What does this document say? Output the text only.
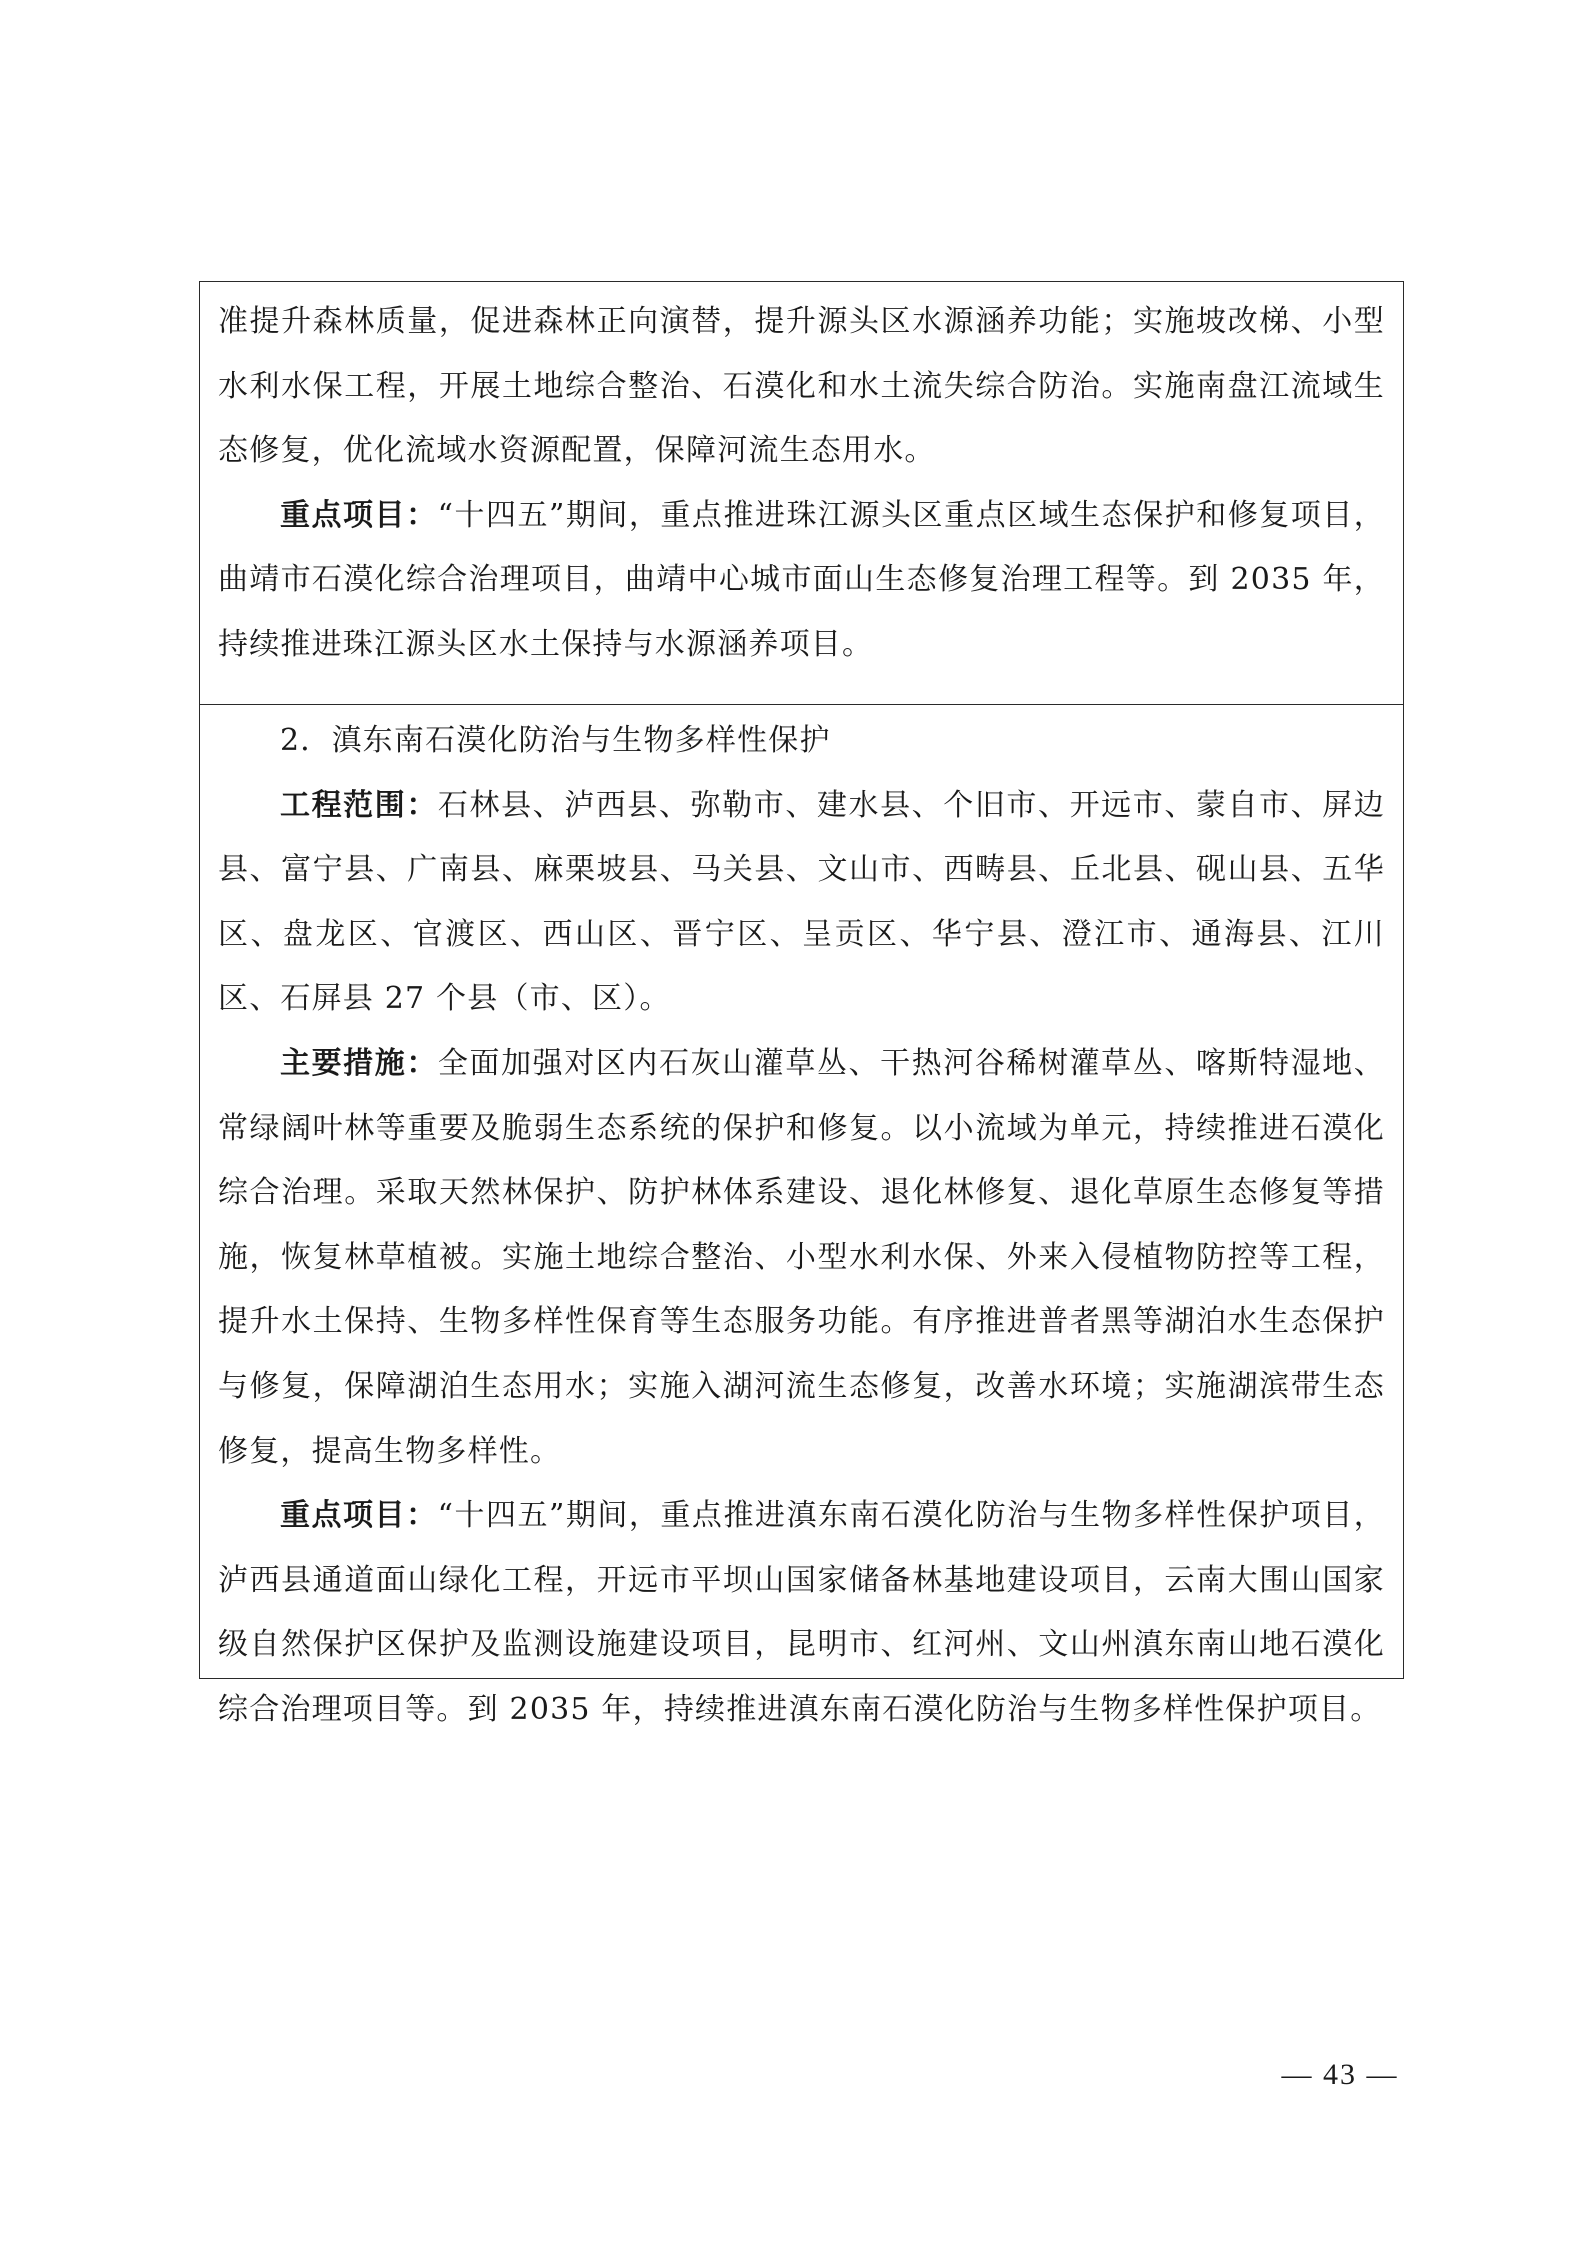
准提升森林质量，促进森林正向演替，提升源头区水源涵养功能；实施坡改梯、小型水利水保工程，开展土地综合整治、石漠化和水土流失综合防治。实施南盘江流域生态修复，优化流域水资源配置，保障河流生态用水。

重点项目：“十四五”期间，重点推进珠江源头区重点区域生态保护和修复项目，曲靖市石漠化综合治理项目，曲靖中心城市面山生态修复治理工程等。到 2035 年，持续推进珠江源头区水土保持与水源涵养项目。

2．滇东南石漠化防治与生物多样性保护

工程范围：石林县、泸西县、弥勒市、建水县、个旧市、开远市、蒙自市、屏边县、富宁县、广南县、麻栗坡县、马关县、文山市、西畴县、丘北县、砚山县、五华区、盘龙区、官渡区、西山区、晋宁区、呈贡区、华宁县、澄江市、通海县、江川区、石屏县 27 个县（市、区）。

主要措施：全面加强对区内石灰山灌草丛、干热河谷稀树灌草丛、喀斯特湿地、常绿阔叶林等重要及脆弱生态系统的保护和修复。以小流域为单元，持续推进石漠化综合治理。采取天然林保护、防护林体系建设、退化林修复、退化草原生态修复等措施，恢复林草植被。实施土地综合整治、小型水利水保、外来入侵植物防控等工程，提升水土保持、生物多样性保育等生态服务功能。有序推进普者黑等湖泊水生态保护与修复，保障湖泊生态用水；实施入湖河流生态修复，改善水环境；实施湖滨带生态修复，提高生物多样性。

重点项目：“十四五”期间，重点推进滇东南石漠化防治与生物多样性保护项目，泸西县通道面山绿化工程，开远市平坝山国家储备林基地建设项目，云南大围山国家级自然保护区保护及监测设施建设项目，昆明市、红河州、文山州滇东南山地石漠化综合治理项目等。到 2035 年，持续推进滇东南石漠化防治与生物多样性保护项目。

— 43 —
